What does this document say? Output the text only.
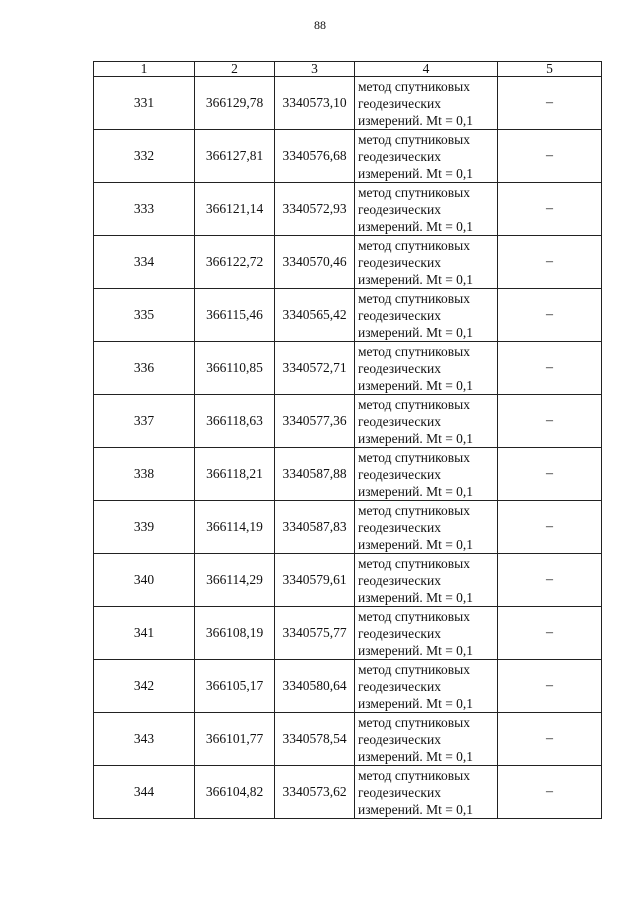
88
1	2	3	4	5
331	366129,78	3340573,10	метод спутниковых
геодезических
измерений. Mt = 0,1	–
332	366127,81	3340576,68	метод спутниковых
геодезических
измерений. Mt = 0,1	–
333	366121,14	3340572,93	метод спутниковых
геодезических
измерений. Mt = 0,1	–
334	366122,72	3340570,46	метод спутниковых
геодезических
измерений. Mt = 0,1	–
335	366115,46	3340565,42	метод спутниковых
геодезических
измерений. Mt = 0,1	–
336	366110,85	3340572,71	метод спутниковых
геодезических
измерений. Mt = 0,1	–
337	366118,63	3340577,36	метод спутниковых
геодезических
измерений. Mt = 0,1	–
338	366118,21	3340587,88	метод спутниковых
геодезических
измерений. Mt = 0,1	–
339	366114,19	3340587,83	метод спутниковых
геодезических
измерений. Mt = 0,1	–
340	366114,29	3340579,61	метод спутниковых
геодезических
измерений. Mt = 0,1	–
341	366108,19	3340575,77	метод спутниковых
геодезических
измерений. Mt = 0,1	–
342	366105,17	3340580,64	метод спутниковых
геодезических
измерений. Mt = 0,1	–
343	366101,77	3340578,54	метод спутниковых
геодезических
измерений. Mt = 0,1	–
344	366104,82	3340573,62	метод спутниковых
геодезических
измерений. Mt = 0,1	–
